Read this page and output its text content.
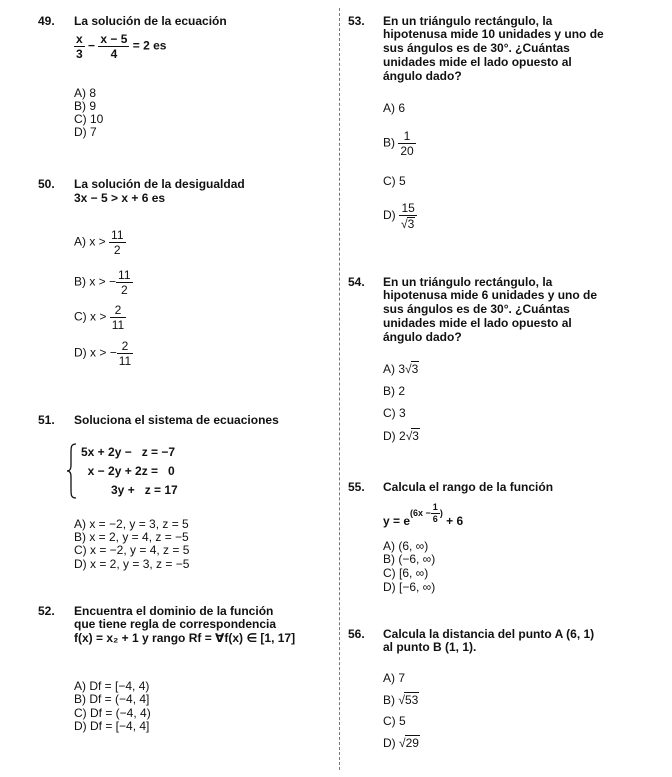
49. La solución de la ecuación
$\frac{x}{3} - \frac{x - 5}{4} = 2$ es
A) 8
B) 9
C) 10
D) 7
50. La solución de la desigualdad
3x − 5 > x + 6 es
A) $x > \frac{11}{2}$
B) x > − $\frac{11}{2}$
C) $x > \frac{2}{11}$
D) x > − $\frac{2}{11}$
51. Soluciona el sistema de ecuaciones
5x + 2y −   z = −7
x − 2y + 2z =   0
3y +   z = 17
A) x = −2, y = 3, z = 5
B) x = 2, y = 4, z = −5
C) x = −2, y = 4, z = 5
D) x = 2, y = 3, z = −5
52. Encuentra el dominio de la función
que tiene regla de correspondencia
f(x) = x₂ + 1 y rango Rf = ∀f(x) ∈ [1, 17]
A) Df = [−4, 4)
B) Df = (−4, 4]
C) Df = (−4, 4)
D) Df = [−4, 4]
53. En un triángulo rectángulo, la
hipotenusa mide 10 unidades y uno de
sus ángulos es de 30°. ¿Cuántas
unidades mide el lado opuesto al
ángulo dado?
A) 6
$B) \frac{1}{20}$
C) 5
$D) \frac{15}{√3}$
54. En un triángulo rectángulo, la
hipotenusa mide 6 unidades y uno de
sus ángulos es de 30°. ¿Cuántas
unidades mide el lado opuesto al
ángulo dado?
A) 3√3
B) 2
C) 3
D) 2√3
55. Calcula el rango de la función
$y = e(6x - \frac{1}{6}$ ) + 6
A) (6, ∞)
B) (−6, ∞)
C) [6, ∞)
D) [−6, ∞)
56. Calcula la distancia del punto A (6, 1)
al punto B (1, 1).
A) 7
B) √53
C) 5
D) √29
